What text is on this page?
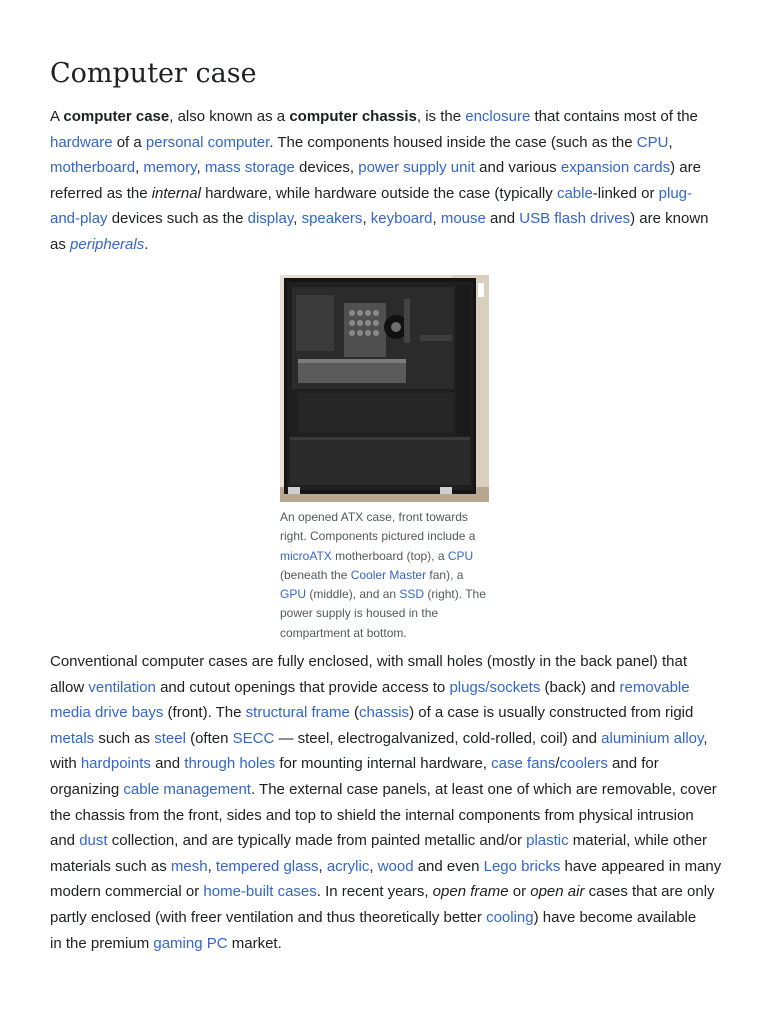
Computer case

A computer case, also known as a computer chassis, is the enclosure that contains most of the
hardware of a personal computer. The components housed inside the case (such as the CPU,
motherboard, memory, mass storage devices, power supply unit and various expansion cards) are
referred as the internal hardware, while hardware outside the case (typically cable-linked or plug-
and-play devices such as the display, speakers, keyboard, mouse and USB flash drives) are known
as peripherals.

An opened ATX case, front towards
right. Components pictured include a
microATX motherboard (top), a CPU
(beneath the Cooler Master fan), a
GPU (middle), and an SSD (right). The
power supply is housed in the
compartment at bottom.

Conventional computer cases are fully enclosed, with small holes (mostly in the back panel) that
allow ventilation and cutout openings that provide access to plugs/sockets (back) and removable
media drive bays (front). The structural frame (chassis) of a case is usually constructed from rigid
metals such as steel (often SECC — steel, electrogalvanized, cold-rolled, coil) and aluminium alloy,
with hardpoints and through holes for mounting internal hardware, case fans/coolers and for
organizing cable management. The external case panels, at least one of which are removable, cover
the chassis from the front, sides and top to shield the internal components from physical intrusion
and dust collection, and are typically made from painted metallic and/or plastic material, while other
materials such as mesh, tempered glass, acrylic, wood and even Lego bricks have appeared in many
modern commercial or home-built cases. In recent years, open frame or open air cases that are only
partly enclosed (with freer ventilation and thus theoretically better cooling) have become available
in the premium gaming PC market.
